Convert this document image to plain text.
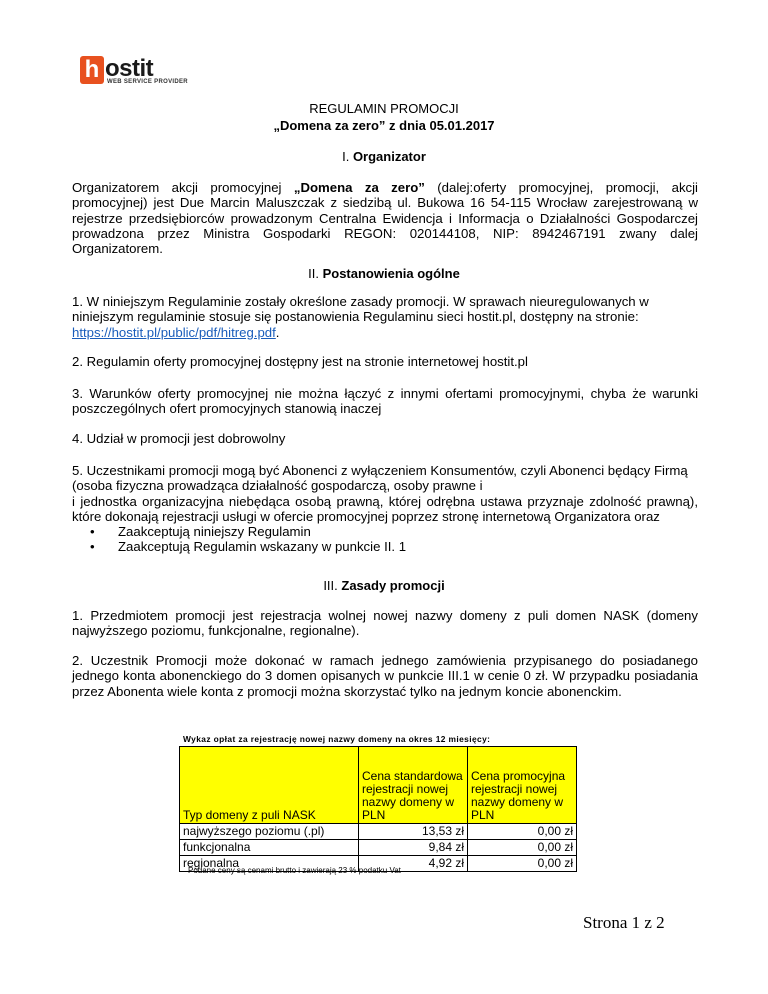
h ostit
WEB SERVICE PROVIDER
REGULAMIN PROMOCJI
„Domena za zero” z dnia 05.01.2017
I. Organizator
Organizatorem akcji promocyjnej „Domena za zero” (dalej:oferty promocyjnej, promocji, akcji promocyjnej) jest Due Marcin Maluszczak z siedzibą ul. Bukowa 16 54-115 Wrocław zarejestrowaną w rejestrze przedsiębiorców prowadzonym Centralna Ewidencja i Informacja o Działalności Gospodarczej prowadzona przez Ministra Gospodarki REGON: 020144108, NIP: 8942467191 zwany dalej Organizatorem.
II. Postanowienia ogólne
1. W niniejszym Regulaminie zostały określone zasady promocji. W sprawach nieuregulowanych w niniejszym regulaminie stosuje się postanowienia Regulaminu sieci hostit.pl, dostępny na stronie: https://hostit.pl/public/pdf/hitreg.pdf.
2. Regulamin oferty promocyjnej dostępny jest na stronie internetowej hostit.pl
3. Warunków oferty promocyjnej nie można łączyć z innymi ofertami promocyjnymi, chyba że warunki poszczególnych ofert promocyjnych stanowią inaczej
4. Udział w promocji jest dobrowolny
5. Uczestnikami promocji mogą być Abonenci z wyłączeniem Konsumentów, czyli Abonenci będący Firmą (osoba fizyczna prowadząca działalność gospodarczą, osoby prawne i
i jednostka organizacyjna niebędąca osobą prawną, której odrębna ustawa przyznaje zdolność prawną), które dokonają rejestracji usługi w ofercie promocyjnej poprzez stronę internetową Organizatora oraz
• Zaakceptują niniejszy Regulamin
• Zaakceptują Regulamin wskazany w punkcie II. 1
III. Zasady promocji
1. Przedmiotem promocji jest rejestracja wolnej nowej nazwy domeny z puli domen NASK (domeny najwyższego poziomu, funkcjonalne, regionalne).
2. Uczestnik Promocji może dokonać w ramach jednego zamówienia przypisanego do posiadanego jednego konta abonenckiego do 3 domen opisanych w punkcie III.1 w cenie 0 zł. W przypadku posiadania przez Abonenta wiele konta z promocji można skorzystać tylko na jednym koncie abonenckim.
Wykaz opłat za rejestrację nowej nazwy domeny na okres 12 miesięcy:
Typ domeny z puli NASK	Cena standardowa rejestracji nowej nazwy domeny w PLN	Cena promocyjna rejestracji nowej nazwy domeny w PLN
najwyższego poziomu (.pl)	13,53 zł	0,00 zł
funkcjonalna	9,84 zł	0,00 zł
regionalna	4,92 zł	0,00 zł
Podane ceny są cenami brutto i zawierają 23 % podatku Vat
Strona 1 z 2
